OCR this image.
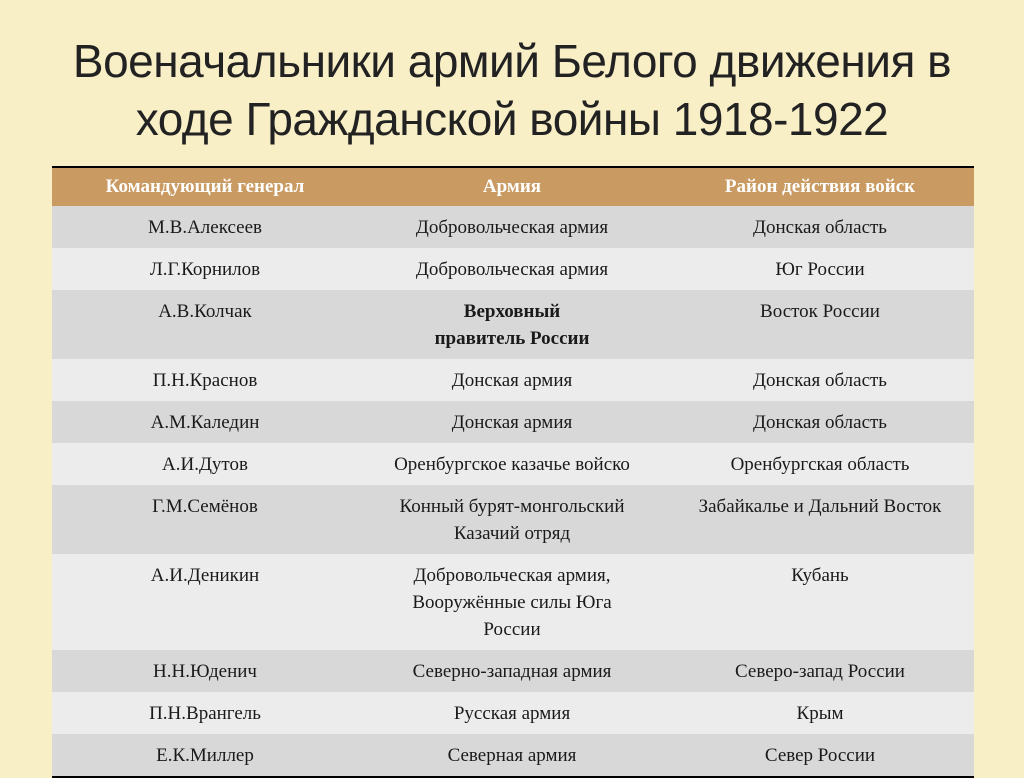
Военачальники армий Белого движения в
ходе Гражданской войны 1918-1922
Командующий генерал	Армия	Район действия войск
М.В.Алексеев	Добровольческая армия	Донская область
Л.Г.Корнилов	Добровольческая армия	Юг России
А.В.Колчак	Верховный правитель России	Восток России
П.Н.Краснов	Донская армия	Донская область
А.М.Каледин	Донская армия	Донская область
А.И.Дутов	Оренбургское казачье войско	Оренбургская область
Г.М.Семёнов	Конный бурят-монгольский Казачий отряд	Забайкалье и Дальний Восток
А.И.Деникин	Добровольческая армия, Вооружённые силы Юга России	Кубань
Н.Н.Юденич	Северно-западная армия	Северо-запад России
П.Н.Врангель	Русская армия	Крым
Е.К.Миллер	Северная армия	Север России
